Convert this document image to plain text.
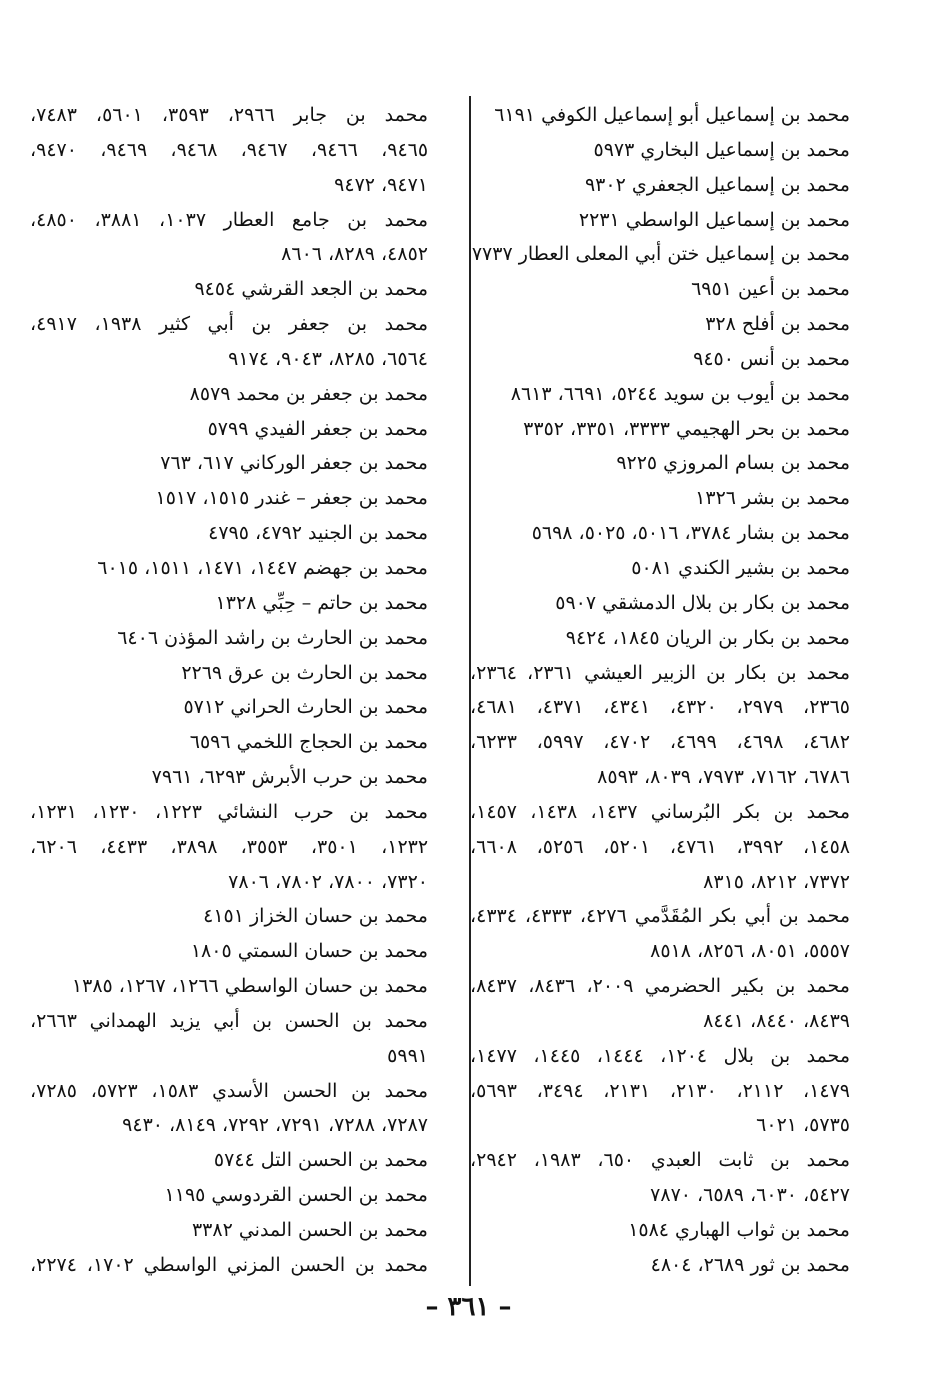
محمد بن إسماعيل أبو إسماعيل الكوفي ٦١٩١
محمد بن إسماعيل البخاري ٥٩٧٣
محمد بن إسماعيل الجعفري ٩٣٠٢
محمد بن إسماعيل الواسطي ٢٢٣١
محمد بن إسماعيل ختن أبي المعلى العطار ٧٧٣٧
محمد بن أعين ٦٩٥١
محمد بن أفلح ٣٢٨
محمد بن أنس ٩٤٥٠
محمد بن أيوب بن سويد ٥٢٤٤، ٦٦٩١، ٨٦١٣
محمد بن بحر الهجيمي ٣٣٣٣، ٣٣٥١، ٣٣٥٢
محمد بن بسام المروزي ٩٢٢٥
محمد بن بشر ١٣٢٦
محمد بن بشار ٣٧٨٤، ٥٠١٦، ٥٠٢٥، ٥٦٩٨
محمد بن بشير الكندي ٥٠٨١
محمد بن بكار بن بلال الدمشقي ٥٩٠٧
محمد بن بكار بن الريان ١٨٤٥، ٩٤٢٤
محمد بن بكار بن الزبير العيشي ٢٣٦١، ٢٣٦٤،
٢٣٦٥، ٢٩٧٩، ٤٣٢٠، ٤٣٤١، ٤٣٧١، ٤٦٨١،
٤٦٨٢، ٤٦٩٨، ٤٦٩٩، ٤٧٠٢، ٥٩٩٧، ٦٢٣٣،
٦٧٨٦، ٧١٦٢، ٧٩٧٣، ٨٠٣٩، ٨٥٩٣
محمد بن بكر البُرساني ١٤٣٧، ١٤٣٨، ١٤٥٧،
١٤٥٨، ٣٩٩٢، ٤٧٦١، ٥٢٠١، ٥٢٥٦، ٦٦٠٨،
٧٣٧٢، ٨٢١٢، ٨٣١٥
محمد بن أبي بكر المُقَدَّمي ٤٢٧٦، ٤٣٣٣، ٤٣٣٤،
٥٥٥٧، ٨٠٥١، ٨٢٥٦، ٨٥١٨
محمد بن بكير الحضرمي ٢٠٠٩، ٨٤٣٦، ٨٤٣٧،
٨٤٣٩، ٨٤٤٠، ٨٤٤١
محمد بن بلال ١٢٠٤، ١٤٤٤، ١٤٤٥، ١٤٧٧،
١٤٧٩، ٢١١٢، ٢١٣٠، ٢١٣١، ٣٤٩٤، ٥٦٩٣،
٥٧٣٥، ٦٠٢١
محمد بن ثابت العبدي ٦٥٠، ١٩٨٣، ٢٩٤٢،
٥٤٢٧، ٦٠٣٠، ٦٥٨٩، ٧٨٧٠
محمد بن ثواب الهباري ١٥٨٤
محمد بن ثور ٢٦٨٩، ٤٨٠٤
محمد بن جابر ٢٩٦٦، ٣٥٩٣، ٥٦٠١، ٧٤٨٣،
٩٤٦٥، ٩٤٦٦، ٩٤٦٧، ٩٤٦٨، ٩٤٦٩، ٩٤٧٠،
٩٤٧١، ٩٤٧٢
محمد بن جامع العطار ١٠٣٧، ٣٨٨١، ٤٨٥٠،
٤٨٥٢، ٨٢٨٩، ٨٦٠٦
محمد بن الجعد القرشي ٩٤٥٤
محمد بن جعفر بن أبي كثير ١٩٣٨، ٤٩١٧،
٦٥٦٤، ٨٢٨٥، ٩٠٤٣، ٩١٧٤
محمد بن جعفر بن محمد ٨٥٧٩
محمد بن جعفر الفيدي ٥٧٩٩
محمد بن جعفر الوركاني ٦١٧، ٧٦٣
محمد بن جعفر – غندر ١٥١٥، ١٥١٧
محمد بن الجنيد ٤٧٩٢، ٤٧٩٥
محمد بن جهضم ١٤٤٧، ١٤٧١، ١٥١١، ٦٠١٥
محمد بن حاتم – حِبِّي ١٣٢٨
محمد بن الحارث بن راشد المؤذن ٦٤٠٦
محمد بن الحارث بن عرق ٢٢٦٩
محمد بن الحارث الحراني ٥٧١٢
محمد بن الحجاج اللخمي ٦٥٩٦
محمد بن حرب الأبرش ٦٢٩٣، ٧٩٦١
محمد بن حرب النشائي ١٢٢٣، ١٢٣٠، ١٢٣١،
١٢٣٢، ٣٥٠١، ٣٥٥٣، ٣٨٩٨، ٤٤٣٣، ٦٢٠٦،
٧٣٢٠، ٧٨٠٠، ٧٨٠٢، ٧٨٠٦
محمد بن حسان الخزاز ٤١٥١
محمد بن حسان السمتي ١٨٠٥
محمد بن حسان الواسطي ١٢٦٦، ١٢٦٧، ١٣٨٥
محمد بن الحسن بن أبي يزيد الهمداني ٢٦٦٣،
٥٩٩١
محمد بن الحسن الأسدي ١٥٨٣، ٥٧٢٣، ٧٢٨٥،
٧٢٨٧، ٧٢٨٨، ٧٢٩١، ٧٢٩٢، ٨١٤٩، ٩٤٣٠
محمد بن الحسن التل ٥٧٤٤
محمد بن الحسن القردوسي ١١٩٥
محمد بن الحسن المدني ٣٣٨٢
محمد بن الحسن المزني الواسطي ١٧٠٢، ٢٢٧٤،
– ٣٦١ –
